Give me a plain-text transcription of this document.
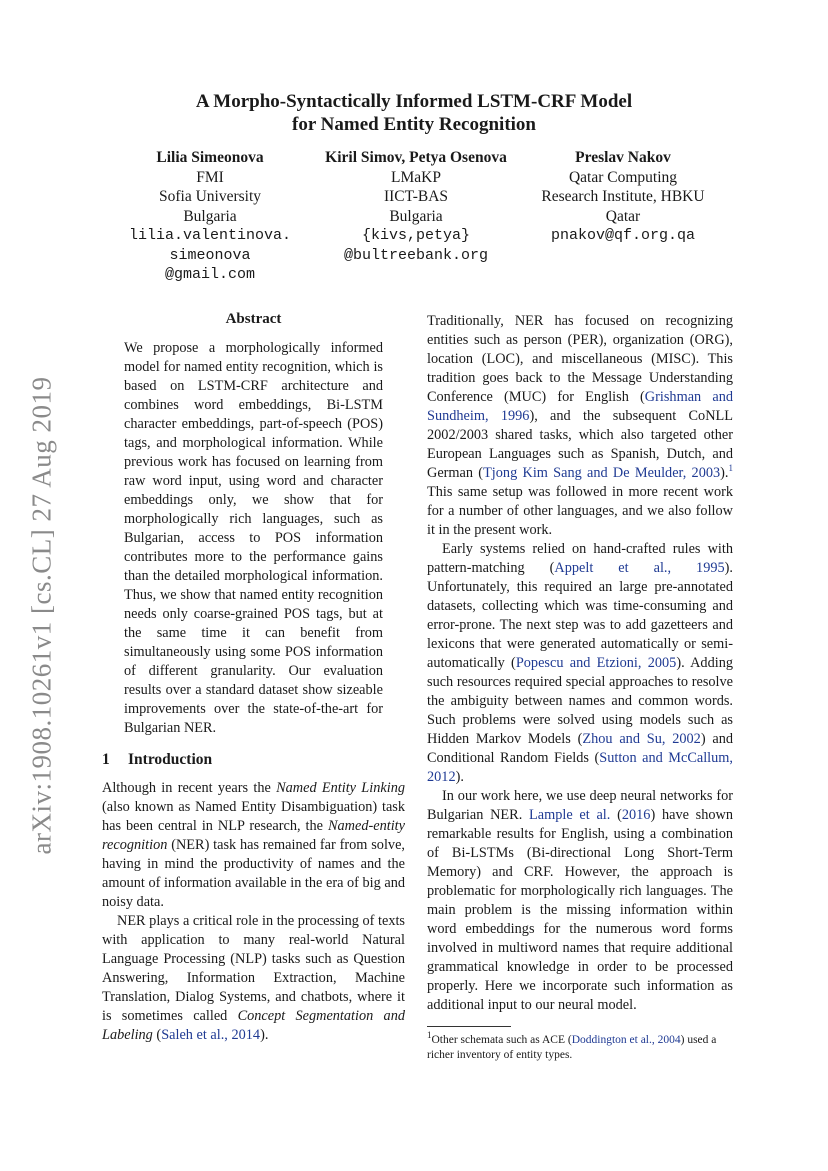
arXiv:1908.10261v1 [cs.CL] 27 Aug 2019
A Morpho-Syntactically Informed LSTM-CRF Model
for Named Entity Recognition
Lilia Simeonova
FMI
Sofia University
Bulgaria
lilia.valentinova.
simeonova
@gmail.com
Kiril Simov, Petya Osenova
LMaKP
IICT-BAS
Bulgaria
{kivs,petya}
@bultreebank.org
Preslav Nakov
Qatar Computing
Research Institute, HBKU
Qatar
pnakov@qf.org.qa
Abstract

We propose a morphologically informed model for named entity recognition, which is based on LSTM-CRF architecture and combines word embeddings, Bi-LSTM character embeddings, part-of-speech (POS) tags, and morphological information. While previous work has focused on learning from raw word input, using word and character embeddings only, we show that for morphologically rich languages, such as Bulgarian, access to POS information contributes more to the performance gains than the detailed morphological information. Thus, we show that named entity recognition needs only coarse-grained POS tags, but at the same time it can benefit from simultaneously using some POS information of different granularity. Our evaluation results over a standard dataset show sizeable improvements over the state-of-the-art for Bulgarian NER.

1 Introduction

Although in recent years the Named Entity Linking (also known as Named Entity Disambiguation) task has been central in NLP research, the Named-entity recognition (NER) task has remained far from solve, having in mind the productivity of names and the amount of information available in the era of big and noisy data.

NER plays a critical role in the processing of texts with application to many real-world Natural Language Processing (NLP) tasks such as Question Answering, Information Extraction, Machine Translation, Dialog Systems, and chatbots, where it is sometimes called Concept Segmentation and Labeling (Saleh et al., 2014).

Traditionally, NER has focused on recognizing entities such as person (PER), organization (ORG), location (LOC), and miscellaneous (MISC). This tradition goes back to the Message Understanding Conference (MUC) for English (Grishman and Sundheim, 1996), and the subsequent CoNLL 2002/2003 shared tasks, which also targeted other European Languages such as Spanish, Dutch, and German (Tjong Kim Sang and De Meulder, 2003).$^1$ This same setup was followed in more recent work for a number of other languages, and we also follow it in the present work.

Early systems relied on hand-crafted rules with pattern-matching (Appelt et al., 1995). Unfortunately, this required an large pre-annotated datasets, collecting which was time-consuming and error-prone. The next step was to add gazetteers and lexicons that were generated automatically or semi-automatically (Popescu and Etzioni, 2005). Adding such resources required special approaches to resolve the ambiguity between names and common words. Such problems were solved using models such as Hidden Markov Models (Zhou and Su, 2002) and Conditional Random Fields (Sutton and McCallum, 2012).

In our work here, we use deep neural networks for Bulgarian NER. Lample et al. (2016) have shown remarkable results for English, using a combination of Bi-LSTMs (Bi-directional Long Short-Term Memory) and CRF. However, the approach is problematic for morphologically rich languages. The main problem is the missing information within word embeddings for the numerous word forms involved in multiword names that require additional grammatical knowledge in order to be processed properly. Here we incorporate such information as additional input to our neural model.

$^1$Other schemata such as ACE (Doddington et al., 2004) used a richer inventory of entity types.
